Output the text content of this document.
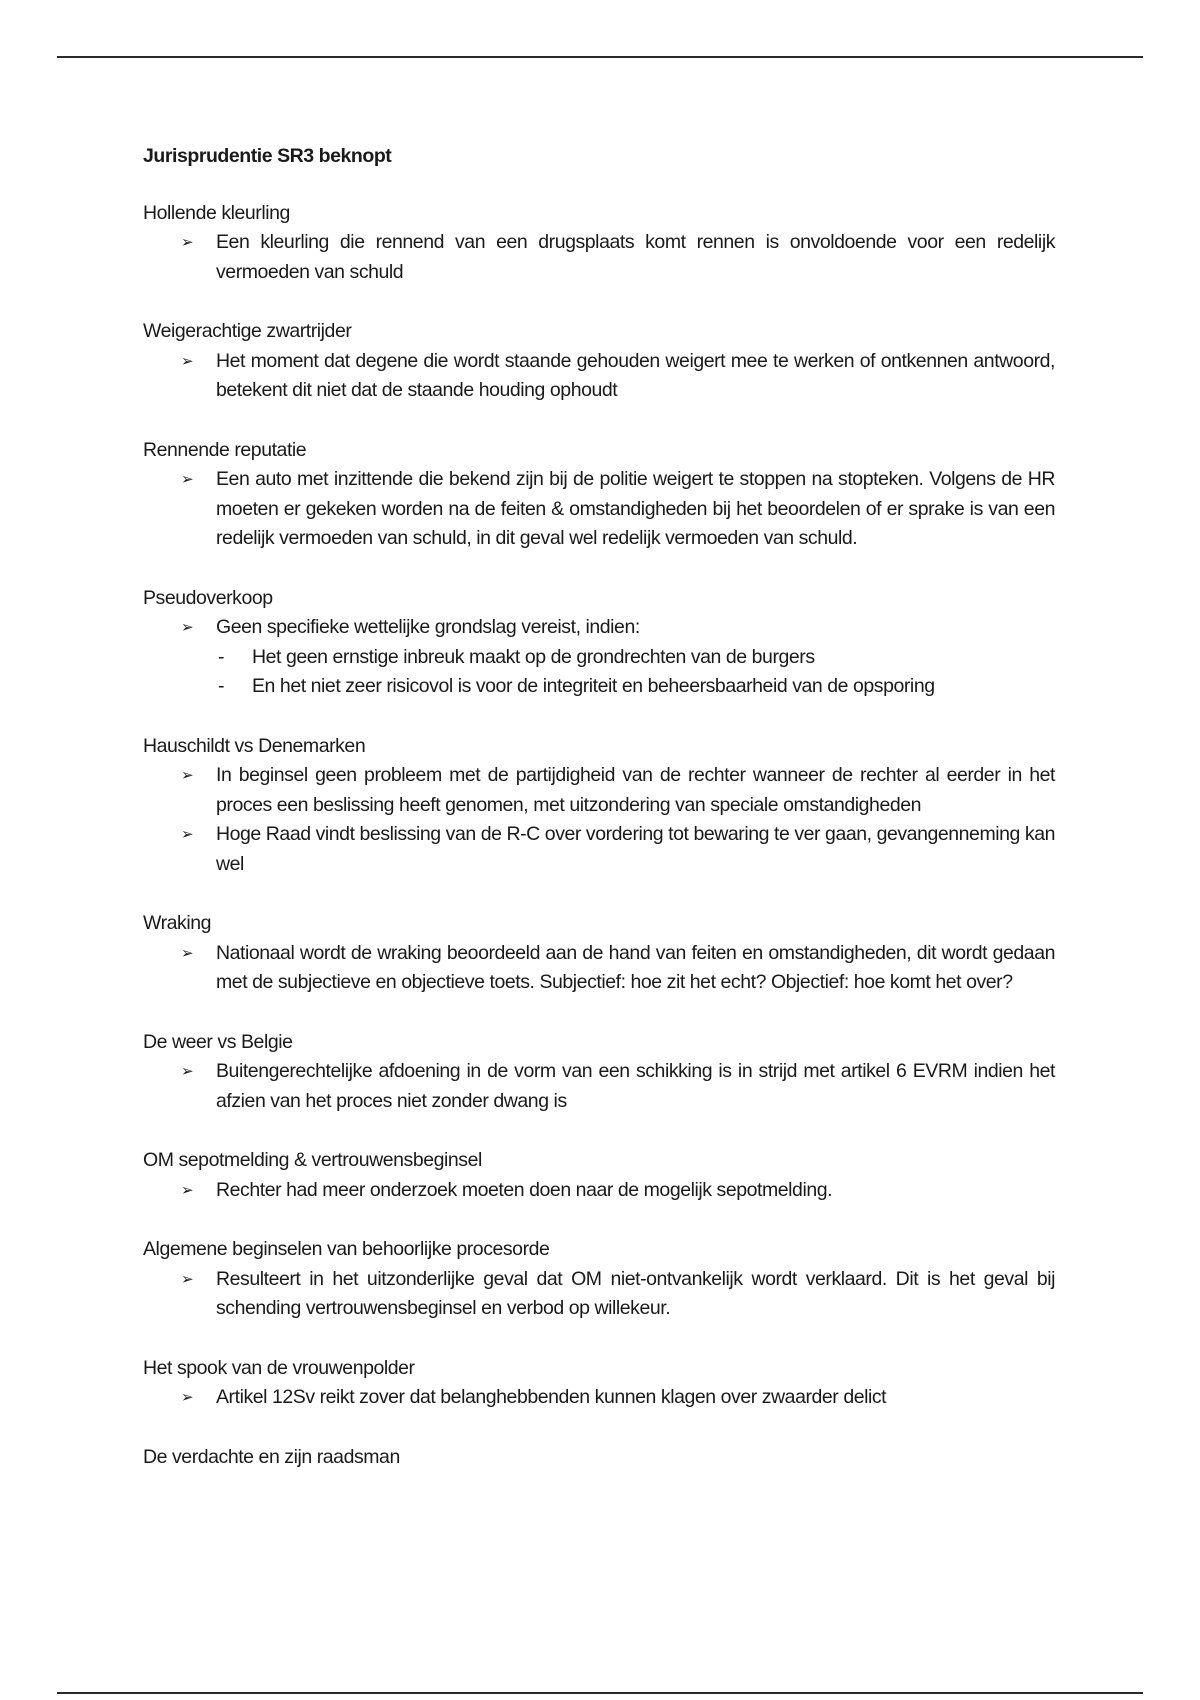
Jurisprudentie SR3 beknopt
Hollende kleurling
➢	Een kleurling die rennend van een drugsplaats komt rennen is onvoldoende voor een redelijk vermoeden van schuld
Weigerachtige zwartrijder
➢	Het moment dat degene die wordt staande gehouden weigert mee te werken of ontkennen antwoord, betekent dit niet dat de staande houding ophoudt
Rennende reputatie
➢	Een auto met inzittende die bekend zijn bij de politie weigert te stoppen na stopteken. Volgens de HR moeten er gekeken worden na de feiten & omstandigheden bij het beoordelen of er sprake is van een redelijk vermoeden van schuld, in dit geval wel redelijk vermoeden van schuld.
Pseudoverkoop
➢	Geen specifieke wettelijke grondslag vereist, indien:
- Het geen ernstige inbreuk maakt op de grondrechten van de burgers
- En het niet zeer risicovol is voor de integriteit en beheersbaarheid van de opsporing
Hauschildt vs Denemarken
➢	In beginsel geen probleem met de partijdigheid van de rechter wanneer de rechter al eerder in het proces een beslissing heeft genomen, met uitzondering van speciale omstandigheden
➢	Hoge Raad vindt beslissing van de R-C over vordering tot bewaring te ver gaan, gevangenneming kan wel
Wraking
➢	Nationaal wordt de wraking beoordeeld aan de hand van feiten en omstandigheden, dit wordt gedaan met de subjectieve en objectieve toets. Subjectief: hoe zit het echt? Objectief: hoe komt het over?
De weer vs Belgie
➢	Buitengerechtelijke afdoening in de vorm van een schikking is in strijd met artikel 6 EVRM indien het afzien van het proces niet zonder dwang is
OM sepotmelding & vertrouwensbeginsel
➢	Rechter had meer onderzoek moeten doen naar de mogelijk sepotmelding.
Algemene beginselen van behoorlijke procesorde
➢	Resulteert in het uitzonderlijke geval dat OM niet-ontvankelijk wordt verklaard. Dit is het geval bij schending vertrouwensbeginsel en verbod op willekeur.
Het spook van de vrouwenpolder
➢	Artikel 12Sv reikt zover dat belanghebbenden kunnen klagen over zwaarder delict
De verdachte en zijn raadsman
